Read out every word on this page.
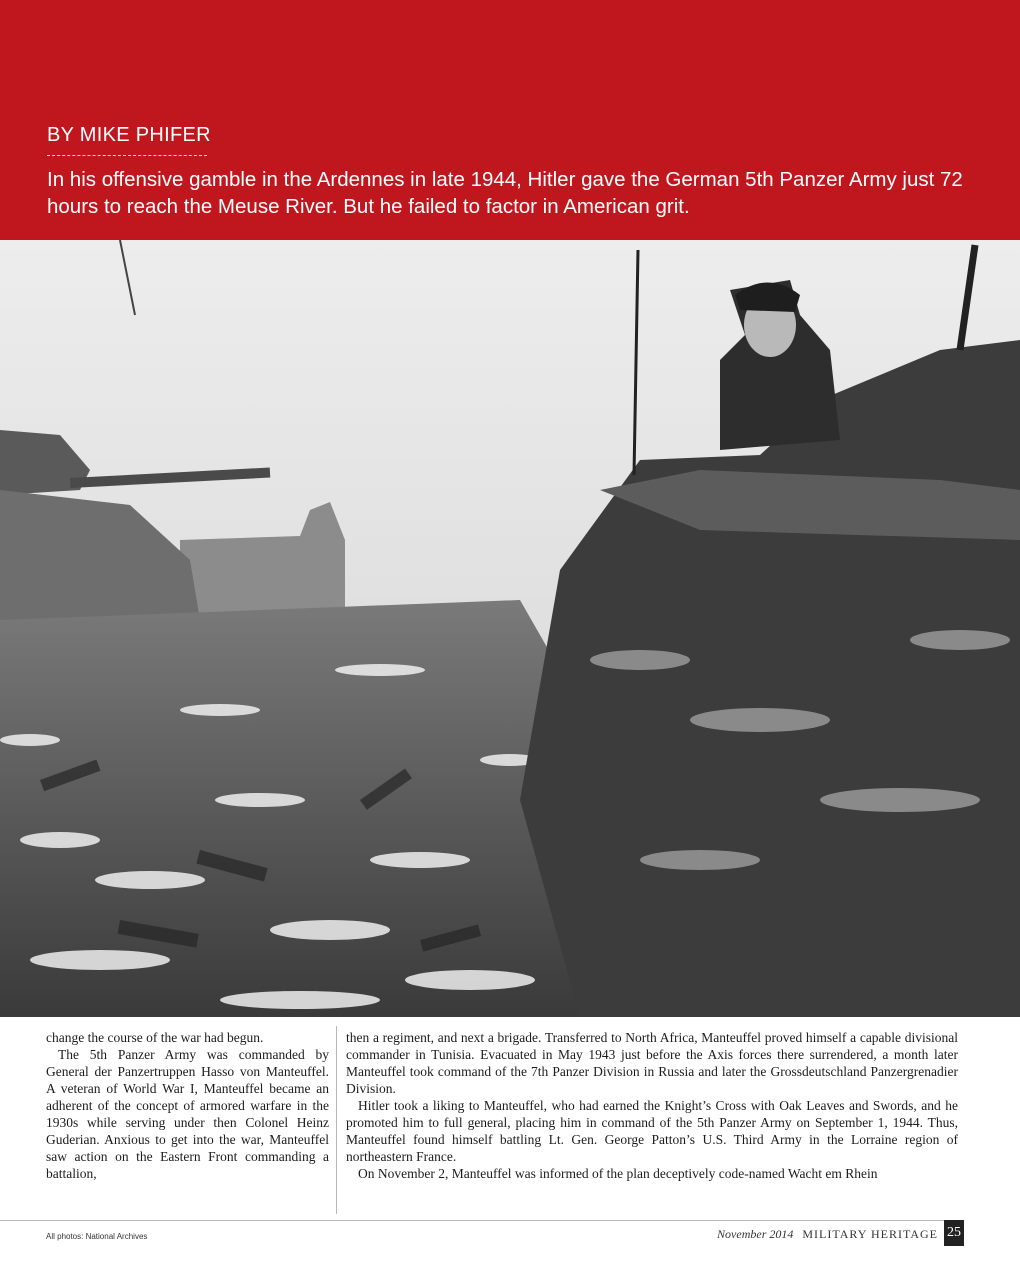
BY MIKE PHIFER
In his offensive gamble in the Ardennes in late 1944, Hitler gave the German 5th Panzer Army just 72 hours to reach the Meuse River. But he failed to factor in American grit.

change the course of the war had begun.

The 5th Panzer Army was commanded by General der Panzertruppen Hasso von Manteuffel. A veteran of World War I, Manteuffel became an adherent of the concept of armored warfare in the 1930s while serving under then Colonel Heinz Guderian. Anxious to get into the war, Manteuffel saw action on the Eastern Front commanding a battalion,

then a regiment, and next a brigade. Transferred to North Africa, Manteuffel proved himself a capable divisional commander in Tunisia. Evacuated in May 1943 just before the Axis forces there surrendered, a month later Manteuffel took command of the 7th Panzer Division in Russia and later the Grossdeutschland Panzergrenadier Division.

Hitler took a liking to Manteuffel, who had earned the Knight’s Cross with Oak Leaves and Swords, and he promoted him to full general, placing him in command of the 5th Panzer Army on September 1, 1944. Thus, Manteuffel found himself battling Lt. Gen. George Patton’s U.S. Third Army in the Lorraine region of northeastern France.

On November 2, Manteuffel was informed of the plan deceptively code-named Wacht em Rhein

All photos: National Archives	November 2014 MILITARY HERITAGE 25
